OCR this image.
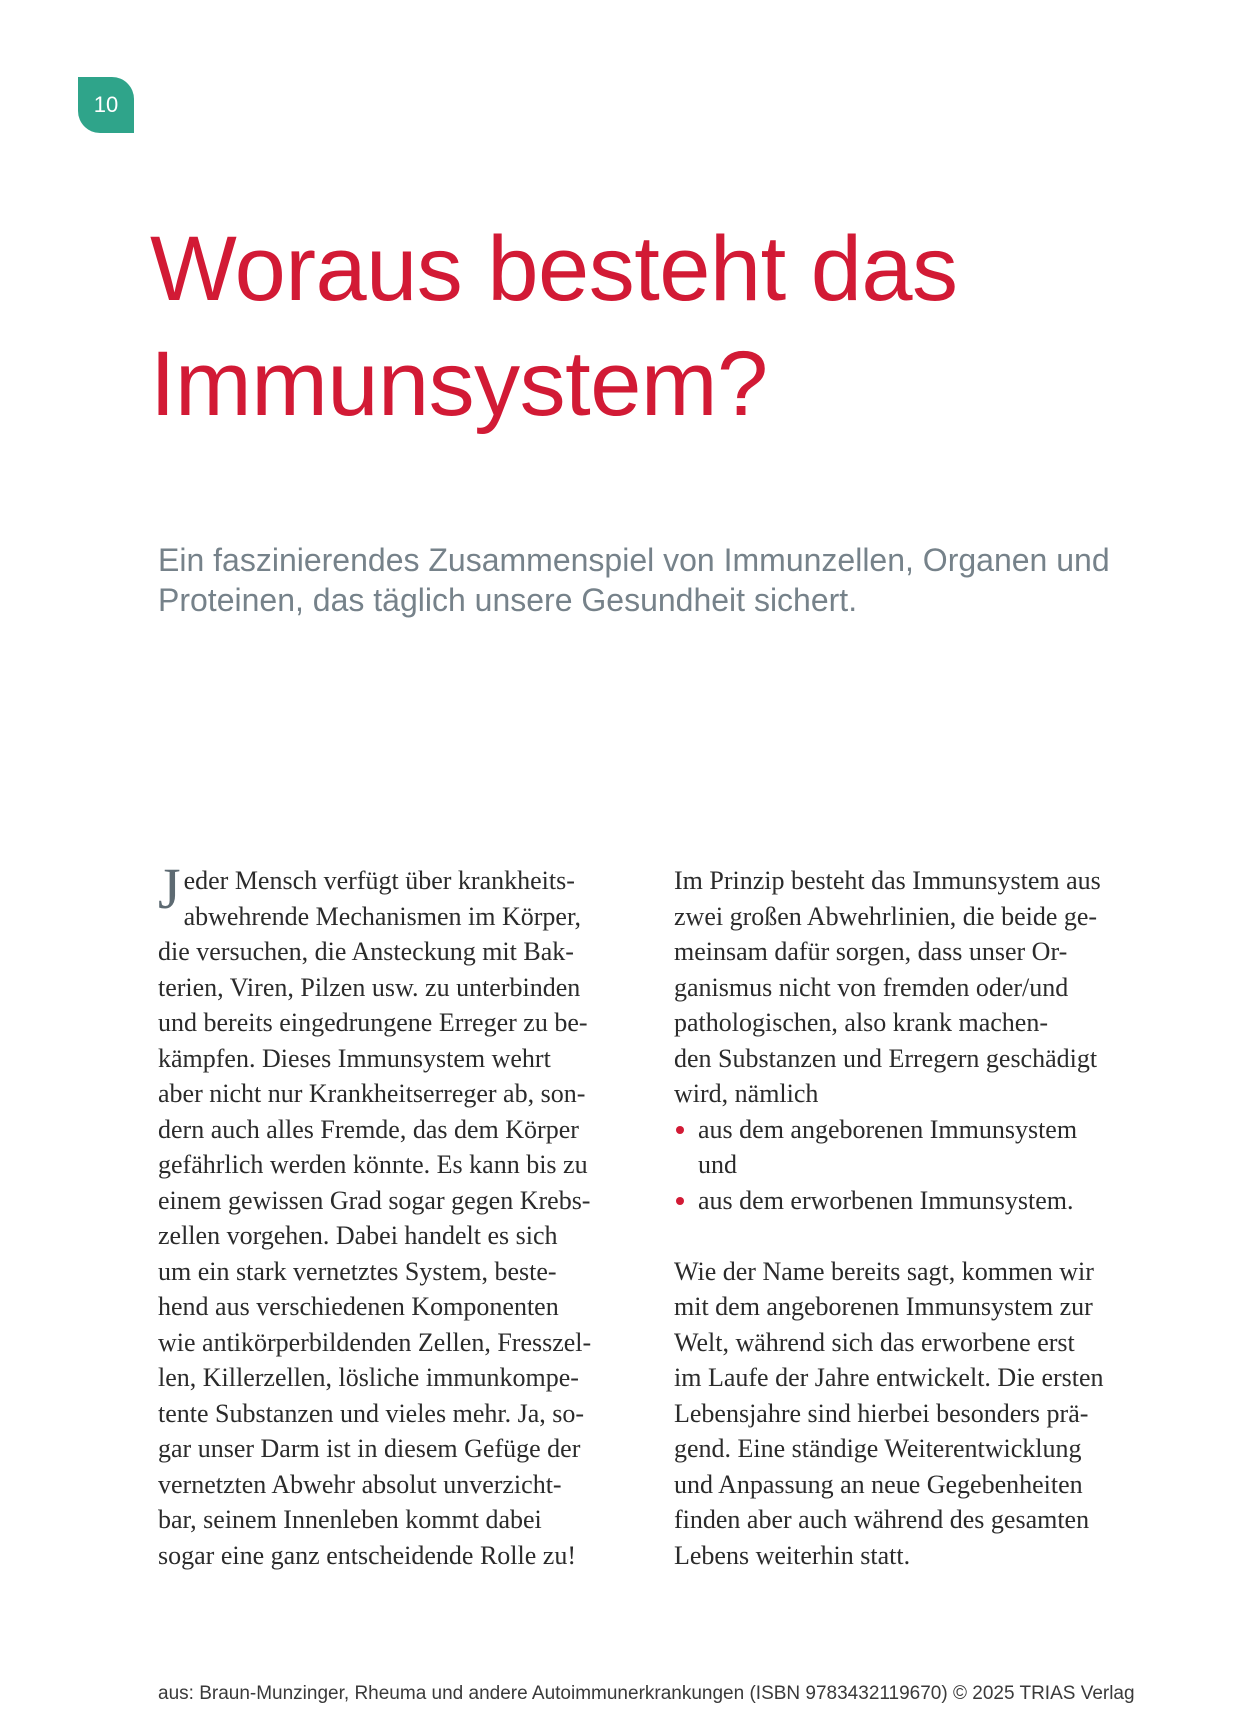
10
Woraus besteht das
Immunsystem?

Ein faszinierendes Zusammenspiel von Immunzellen, Organen und
Proteinen, das täglich unsere Gesundheit sichert.

J eder Mensch verfügt über krankheits-
abwehrende Mechanismen im Körper,
die versuchen, die Ansteckung mit Bak-
terien, Viren, Pilzen usw. zu unterbinden
und bereits eingedrungene Erreger zu be-
kämpfen. Dieses Immunsystem wehrt
aber nicht nur Krankheitserreger ab, son-
dern auch alles Fremde, das dem Körper
gefährlich werden könnte. Es kann bis zu
einem gewissen Grad sogar gegen Krebs-
zellen vorgehen. Dabei handelt es sich
um ein stark vernetztes System, beste-
hend aus verschiedenen Komponenten
wie antikörperbildenden Zellen, Fresszel-
len, Killerzellen, lösliche immunkompe-
tente Substanzen und vieles mehr. Ja, so-
gar unser Darm ist in diesem Gefüge der
vernetzten Abwehr absolut unverzicht-
bar, seinem Innenleben kommt dabei
sogar eine ganz entscheidende Rolle zu!

Im Prinzip besteht das Immunsystem aus
zwei großen Abwehrlinien, die beide ge-
meinsam dafür sorgen, dass unser Or-
ganismus nicht von fremden oder/und
pathologischen, also krank machen-
den Substanzen und Erregern geschädigt
wird, nämlich

aus dem angeborenen Immunsystem
und
aus dem erworbenen Immunsystem.

Wie der Name bereits sagt, kommen wir
mit dem angeborenen Immunsystem zur
Welt, während sich das erworbene erst
im Laufe der Jahre entwickelt. Die ersten
Lebensjahre sind hierbei besonders prä-
gend. Eine ständige Weiterentwicklung
und Anpassung an neue Gegebenheiten
finden aber auch während des gesamten
Lebens weiterhin statt.

aus: Braun-Munzinger, Rheuma und andere Autoimmunerkrankungen (ISBN 9783432119670) © 2025 TRIAS Verlag
